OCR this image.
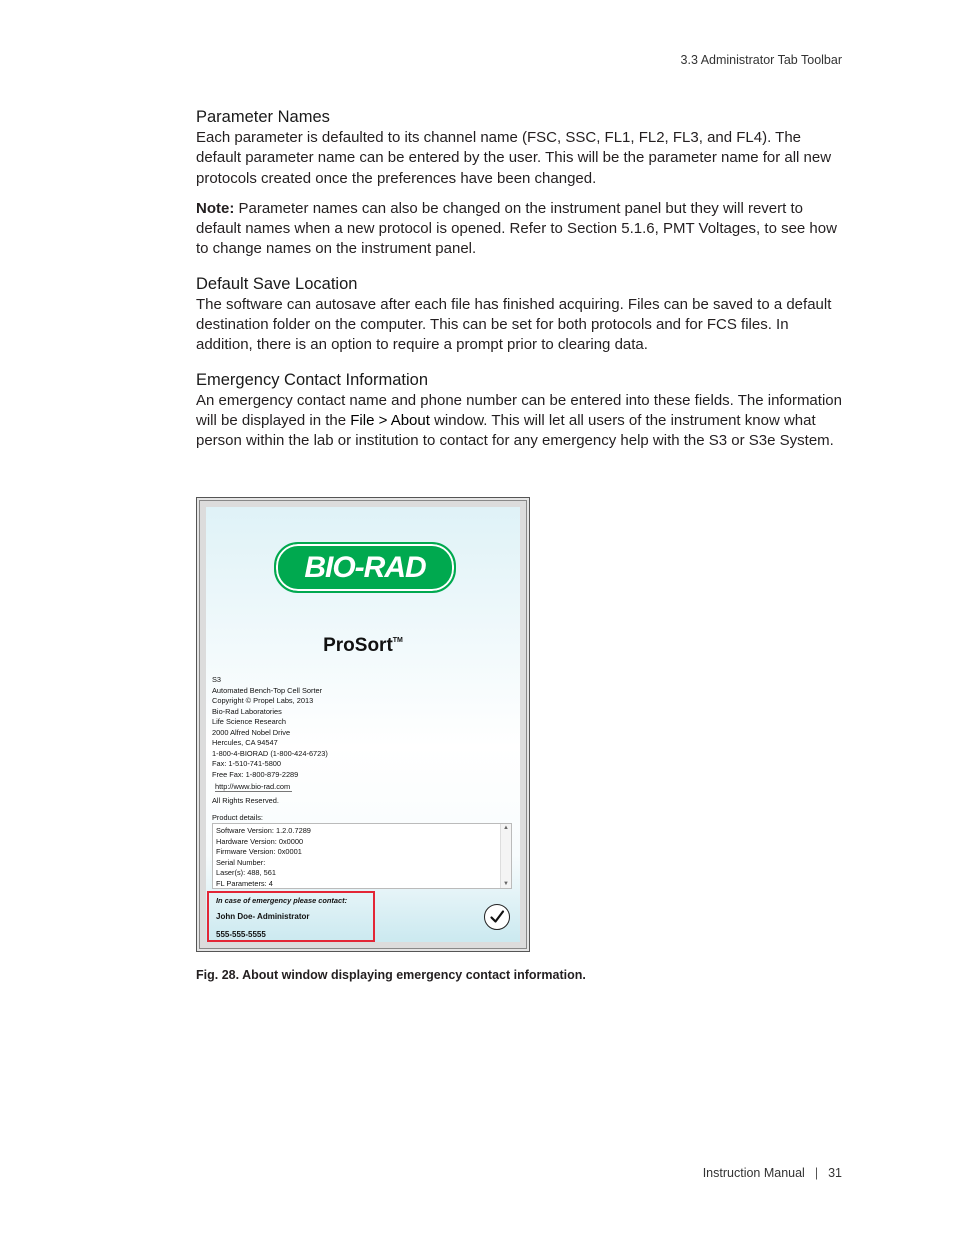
3.3 Administrator Tab Toolbar
Parameter Names

Each parameter is defaulted to its channel name (FSC, SSC, FL1, FL2, FL3, and FL4). The default parameter name can be entered by the user. This will be the parameter name for all new protocols created once the preferences have been changed.

Note: Parameter names can also be changed on the instrument panel but they will revert to default names when a new protocol is opened. Refer to Section 5.1.6, PMT Voltages, to see how to change names on the instrument panel.

Default Save Location

The software can autosave after each file has finished acquiring. Files can be saved to a default destination folder on the computer. This can be set for both protocols and for FCS files. In addition, there is an option to require a prompt prior to clearing data.

Emergency Contact Information

An emergency contact name and phone number can be entered into these fields. The information will be displayed in the File > About window. This will let all users of the instrument know what person within the lab or institution to contact for any emergency help with the S3 or S3e System.

BIO-RAD
ProSort™
S3
Automated Bench-Top Cell Sorter
Copyright © Propel Labs, 2013
Bio-Rad Laboratories
Life Science Research
2000 Alfred Nobel Drive
Hercules, CA 94547
1-800-4-BIORAD (1-800-424-6723)
Fax: 1-510-741-5800
Free Fax: 1-800-879-2289
http://www.bio-rad.com
All Rights Reserved.
Product details:
Software Version: 1.2.0.7289
Hardware Version: 0x0000
Firmware Version: 0x0001
Serial Number:
Laser(s): 488, 561
FL Parameters: 4
▲
▼
In case of emergency please contact:
John Doe- Administrator
555-555-5555
Fig. 28. About window displaying emergency contact information.
Instruction Manual | 31
